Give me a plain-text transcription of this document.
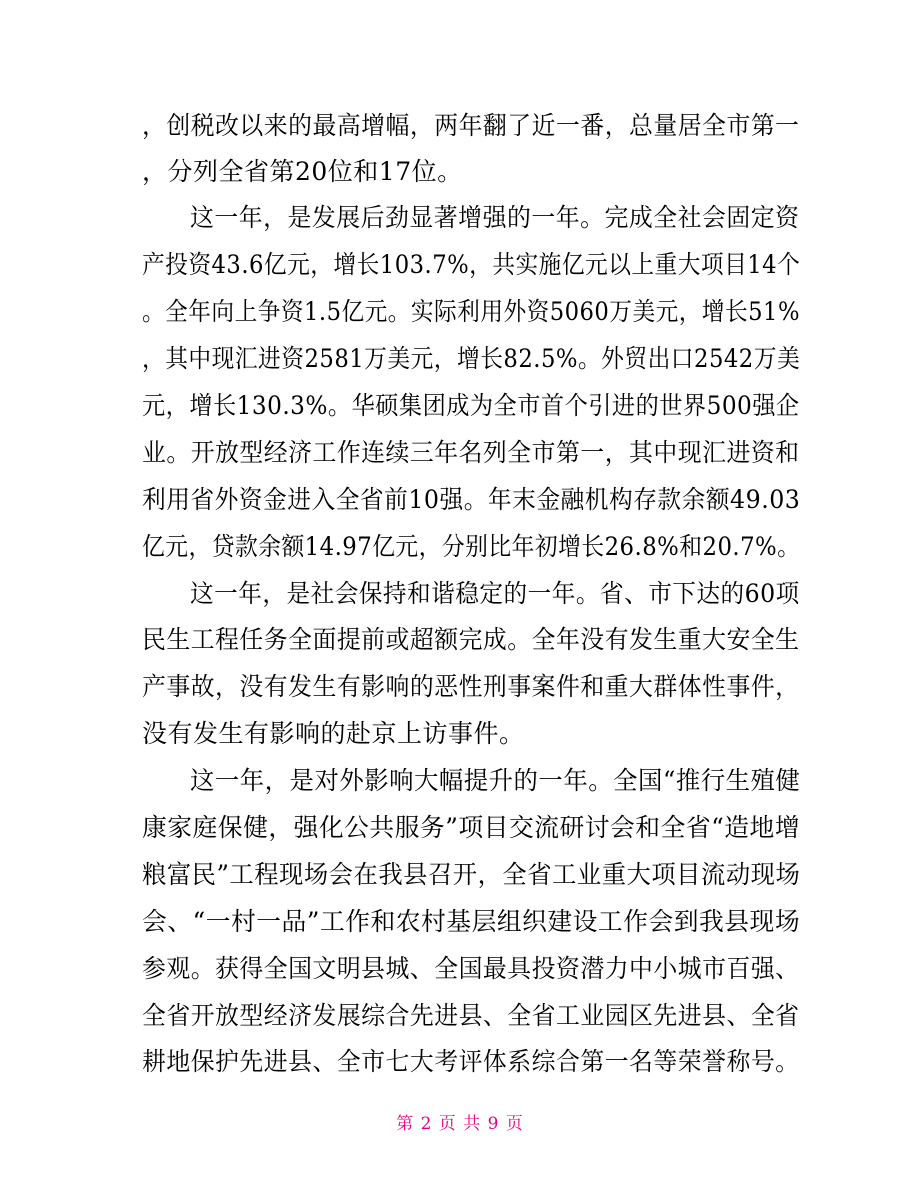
，创税改以来的最高增幅，两年翻了近一番，总量居全市第一
，分列全省第20位和17位。
这一年，是发展后劲显著增强的一年。完成全社会固定资
产投资43.6亿元，增长103.7%，共实施亿元以上重大项目14个
。全年向上争资1.5亿元。实际利用外资5060万美元，增长51%
，其中现汇进资2581万美元，增长82.5%。外贸出口2542万美
元，增长130.3%。华硕集团成为全市首个引进的世界500强企
业。开放型经济工作连续三年名列全市第一，其中现汇进资和
利用省外资金进入全省前10强。年末金融机构存款余额49.03
亿元，贷款余额14.97亿元，分别比年初增长26.8%和20.7%。
这一年，是社会保持和谐稳定的一年。省、市下达的60项
民生工程任务全面提前或超额完成。全年没有发生重大安全生
产事故，没有发生有影响的恶性刑事案件和重大群体性事件，
没有发生有影响的赴京上访事件。
这一年，是对外影响大幅提升的一年。全国“推行生殖健
康家庭保健，强化公共服务”项目交流研讨会和全省“造地增
粮富民”工程现场会在我县召开，全省工业重大项目流动现场
会、“一村一品”工作和农村基层组织建设工作会到我县现场
参观。获得全国文明县城、全国最具投资潜力中小城市百强、
全省开放型经济发展综合先进县、全省工业园区先进县、全省
耕地保护先进县、全市七大考评体系综合第一名等荣誉称号。
第 2 页 共 9 页
